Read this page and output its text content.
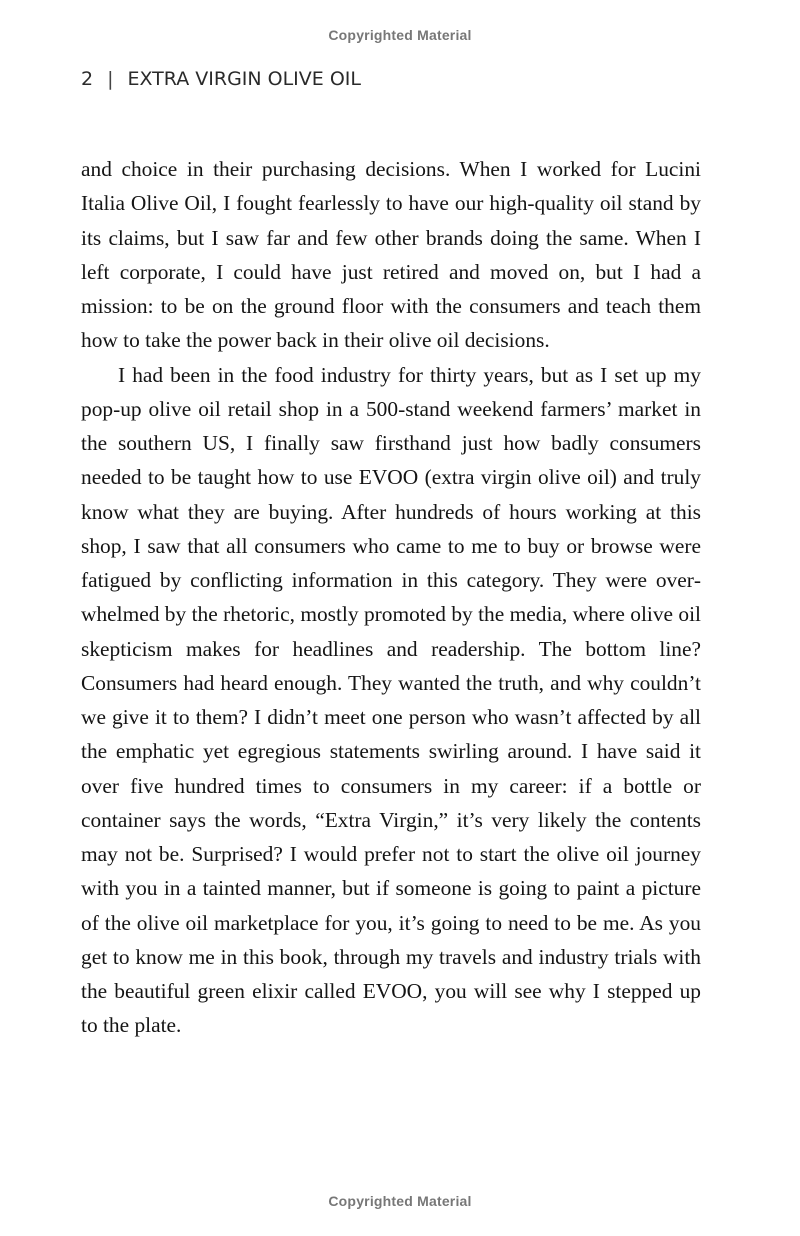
Copyrighted Material
2 | EXTRA VIRGIN OLIVE OIL

and choice in their purchasing decisions. When I worked for Lucini Italia Olive Oil, I fought fearlessly to have our high-quality oil stand by its claims, but I saw far and few other brands doing the same. When I left corporate, I could have just retired and moved on, but I had a mission: to be on the ground floor with the consumers and teach them how to take the power back in their olive oil decisions.

I had been in the food industry for thirty years, but as I set up my pop-up olive oil retail shop in a 500-stand weekend farmers’ market in the southern US, I finally saw firsthand just how badly consumers needed to be taught how to use EVOO (extra virgin olive oil) and truly know what they are buying. After hundreds of hours working at this shop, I saw that all consumers who came to me to buy or browse were fatigued by conflicting information in this category. They were overwhelmed by the rhetoric, mostly promoted by the media, where olive oil skepticism makes for headlines and readership. The bottom line? Consumers had heard enough. They wanted the truth, and why couldn’t we give it to them? I didn’t meet one person who wasn’t affected by all the emphatic yet egregious statements swirling around. I have said it over five hundred times to consumers in my career: if a bottle or container says the words, “Extra Virgin,” it’s very likely the contents may not be. Surprised? I would prefer not to start the olive oil journey with you in a tainted manner, but if someone is going to paint a picture of the olive oil marketplace for you, it’s going to need to be me. As you get to know me in this book, through my travels and industry trials with the beautiful green elixir called EVOO, you will see why I stepped up to the plate.

Copyrighted Material
